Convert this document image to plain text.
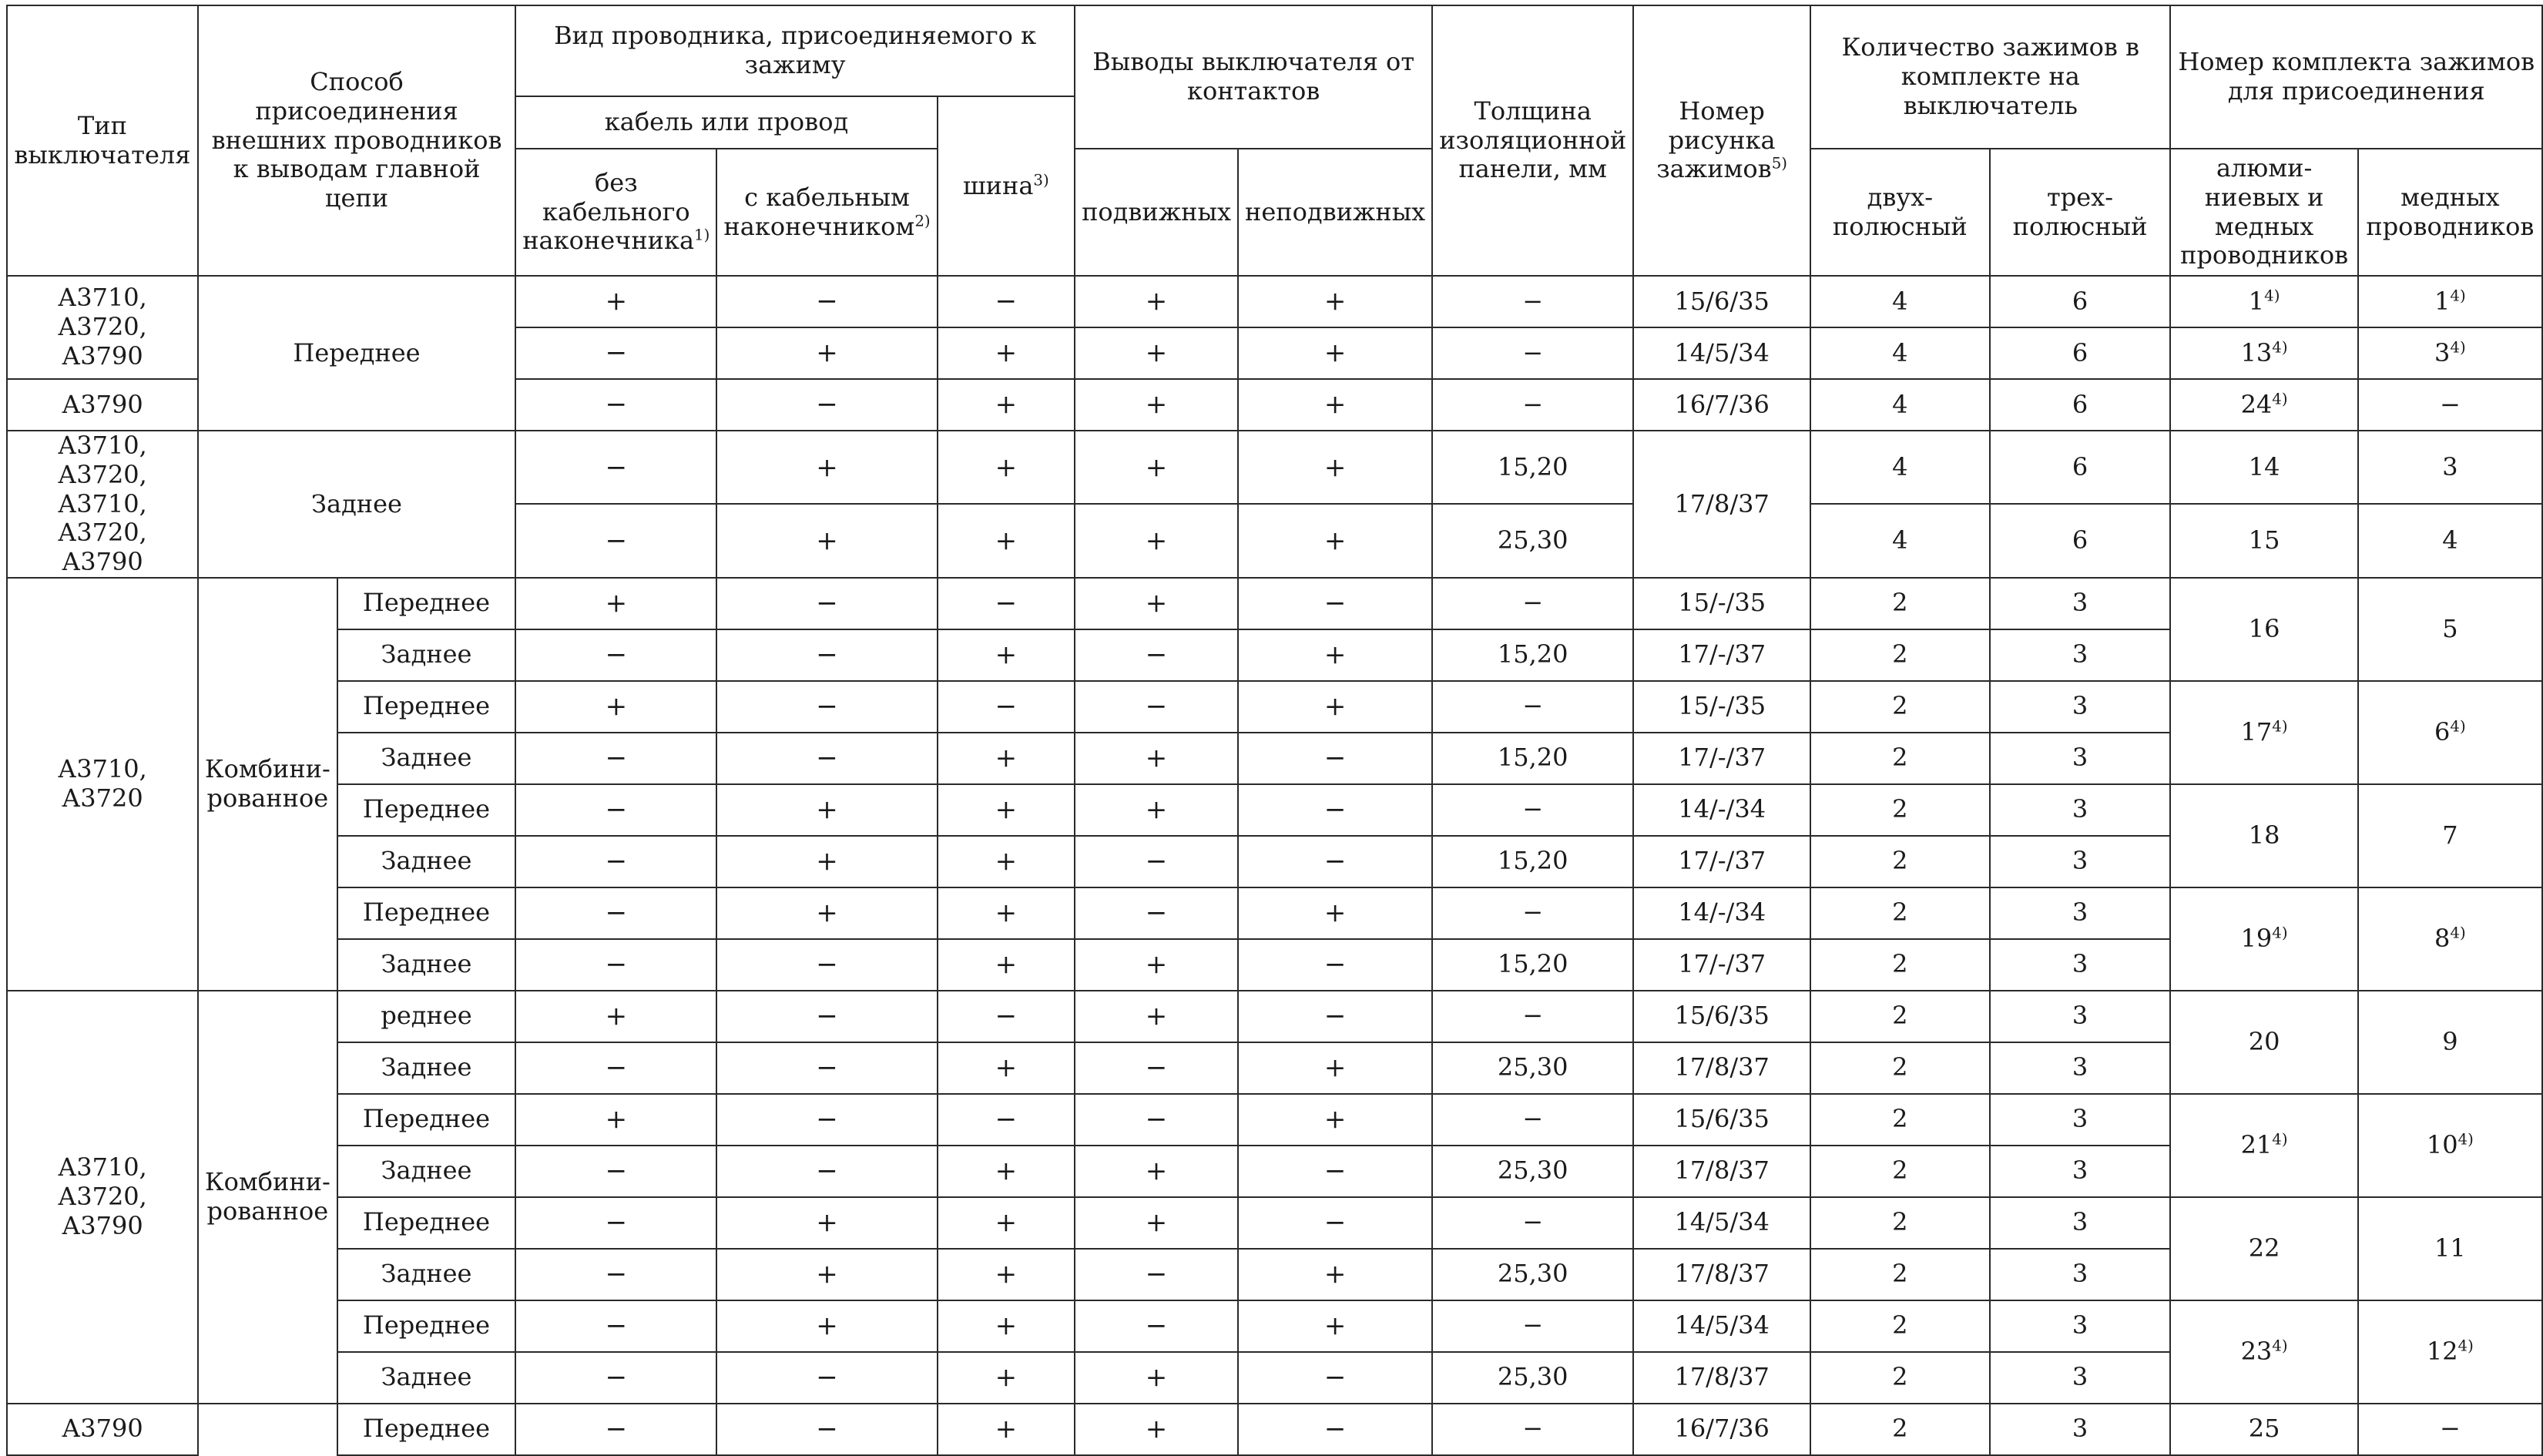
Тип выключателя	Способ присоединения внешних проводников к выводам главной цепи		Вид проводника, присоединяемого к зажиму			Выводы выключателя от контактов		Толщина изоляционной панели, мм	Номер рисунка зажимов$^{5)}$	Количество зажимов в комплекте на выключатель		Номер комплекта зажимов для присоединения	
			кабель или провод		шина$^{3)}$
			без кабельного наконечника$^{1)}$	с кабельным наконечником$^{2)}$		подвижных	неподвижных			двух-полюсный	трех-полюсный	алюми-ниевых и медных проводников	медных проводников
А3710, А3720, А3790	Переднее		+	−	−	+	+	−	15/6/35	4	6	1$^{4)}$	1$^{4)}$
			−	+	+	+	+	−	14/5/34	4	6	13$^{4)}$	3$^{4)}$
А3790			−	−	+	+	+	−	16/7/36	4	6	$24^{4)}$	−
А3710, А3720, А3710, А3720, А3790	Заднее		−	+	+	+	+	15,20	17/8/37	4	6	14	3
			−	+	+	+	+	25,30		4	6	15	4
А3710, А3720	Комбини-рованное	Переднее	+	−	−	+	−	−	15/-/35	2	3	16	5
		Заднее	−	−	+	−	+	15,20	17/-/37	2	3		
		Переднее	+	−	−	−	+	−	15/-/35	2	3	17$^{4)}$	6$^{4)}$
		Заднее	−	−	+	+	−	15,20	17/-/37	2	3		
		Переднее	−	+	+	+	−	−	14/-/34	2	3	18	7
		Заднее	−	+	+	−	−	15,20	17/-/37	2	3		
		Переднее	−	+	+	−	+	−	14/-/34	2	3	19$^{4)}$	8$^{4)}$
		Заднее	−	−	+	+	−	15,20	17/-/37	2	3		
А3710, А3720, А3790	Комбини-рованное	реднее	+	−	−	+	−	−	15/6/35	2	3	20	9
		Заднее	−	−	+	−	+	25,30	17/8/37	2	3		
		Переднее	+	−	−	−	+	−	15/6/35	2	3	21$^{4)}$	10$^{4)}$
		Заднее	−	−	+	+	−	25,30	17/8/37	2	3		
		Переднее	−	+	+	+	−	−	14/5/34	2	3	22	11
		Заднее	−	+	+	−	+	25,30	17/8/37	2	3		
		Переднее	−	+	+	−	+	−	14/5/34	2	3	23$^{4)}$	12$^{4)}$
		Заднее	−	−	+	+	−	25,30	17/8/37	2	3		
А3790		Переднее	−	−	+	+	−	−	16/7/36	2	3	25	−
